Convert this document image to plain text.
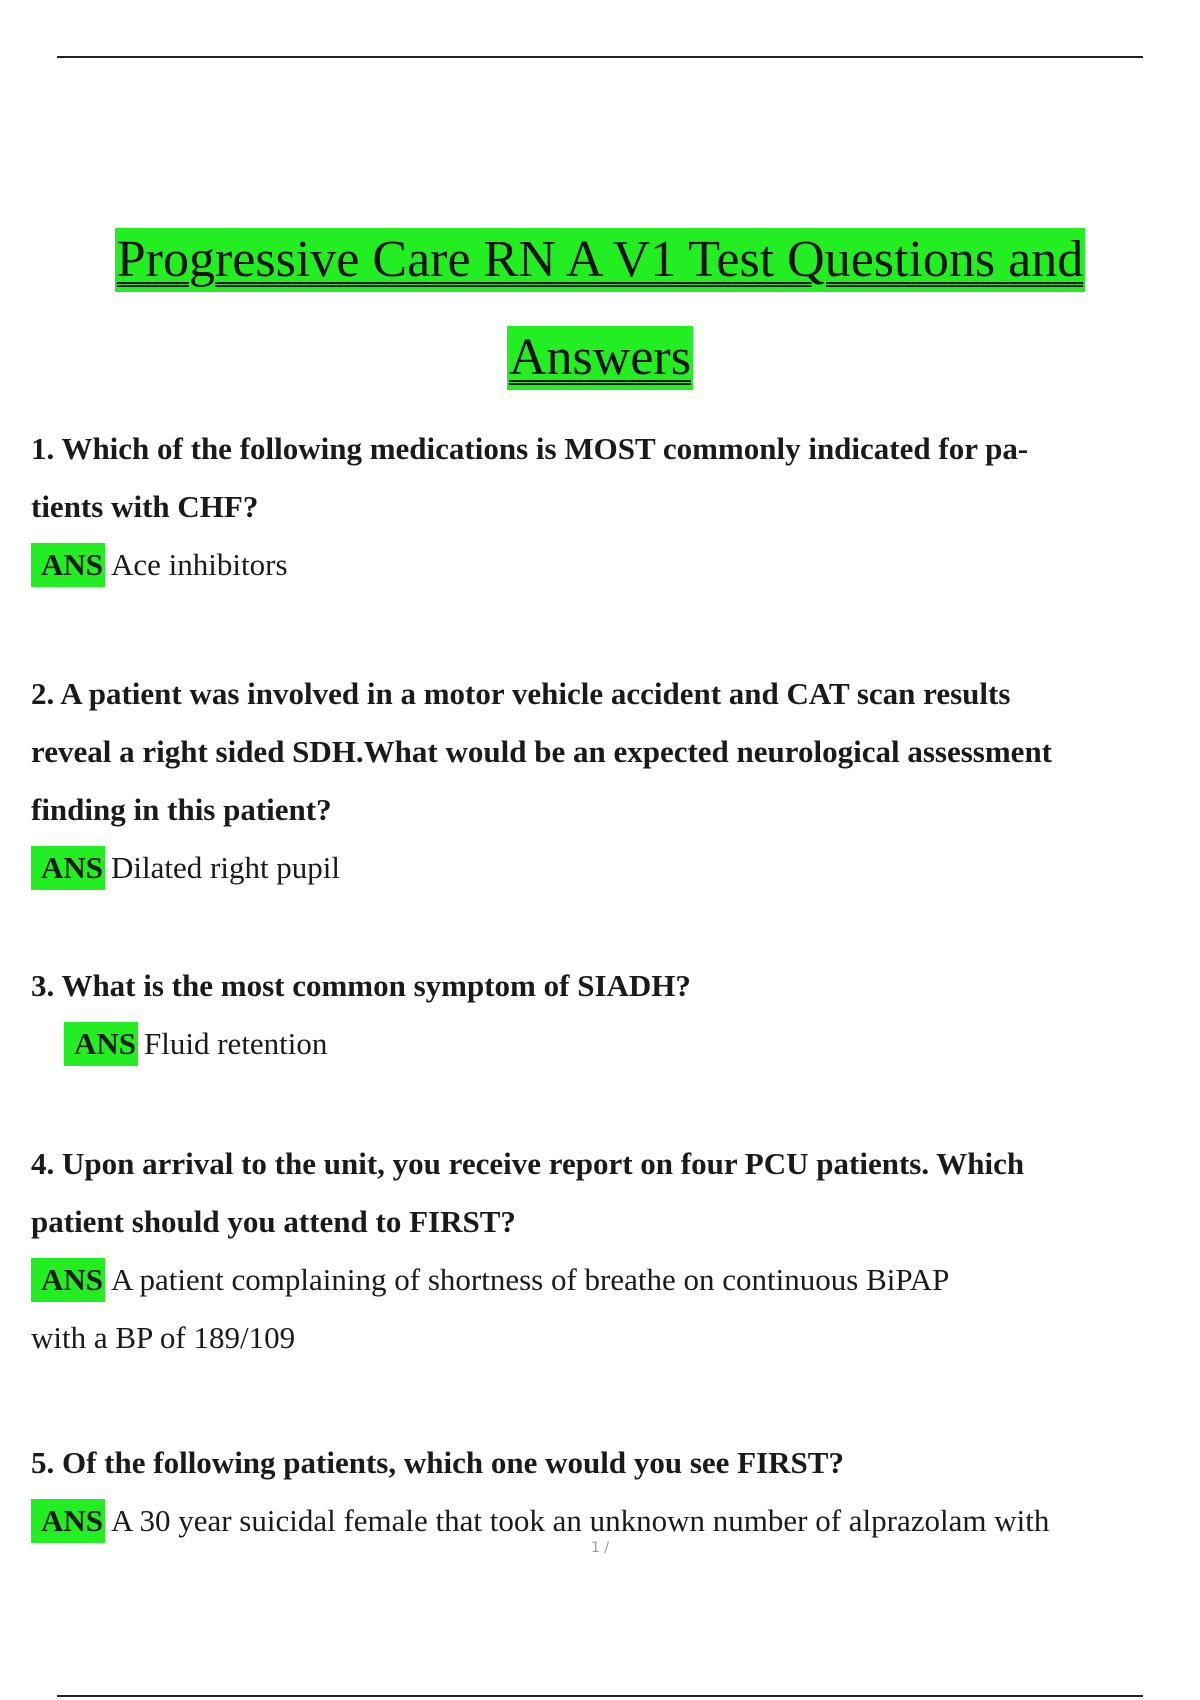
Progressive Care RN A V1 Test Questions and
Answers
1. Which of the following medications is MOST commonly indicated for pa-
tients with CHF?
ANS Ace inhibitors
2. A patient was involved in a motor vehicle accident and CAT scan results
reveal a right sided SDH.What would be an expected neurological assessment
finding in this patient?
ANS Dilated right pupil
3. What is the most common symptom of SIADH?
ANS Fluid retention
4. Upon arrival to the unit, you receive report on four PCU patients. Which
patient should you attend to FIRST?
ANS A patient complaining of shortness of breathe on continuous BiPAP
with a BP of 189/109
5. Of the following patients, which one would you see FIRST?
ANS A 30 year suicidal female that took an unknown number of alprazolam with
1 /
